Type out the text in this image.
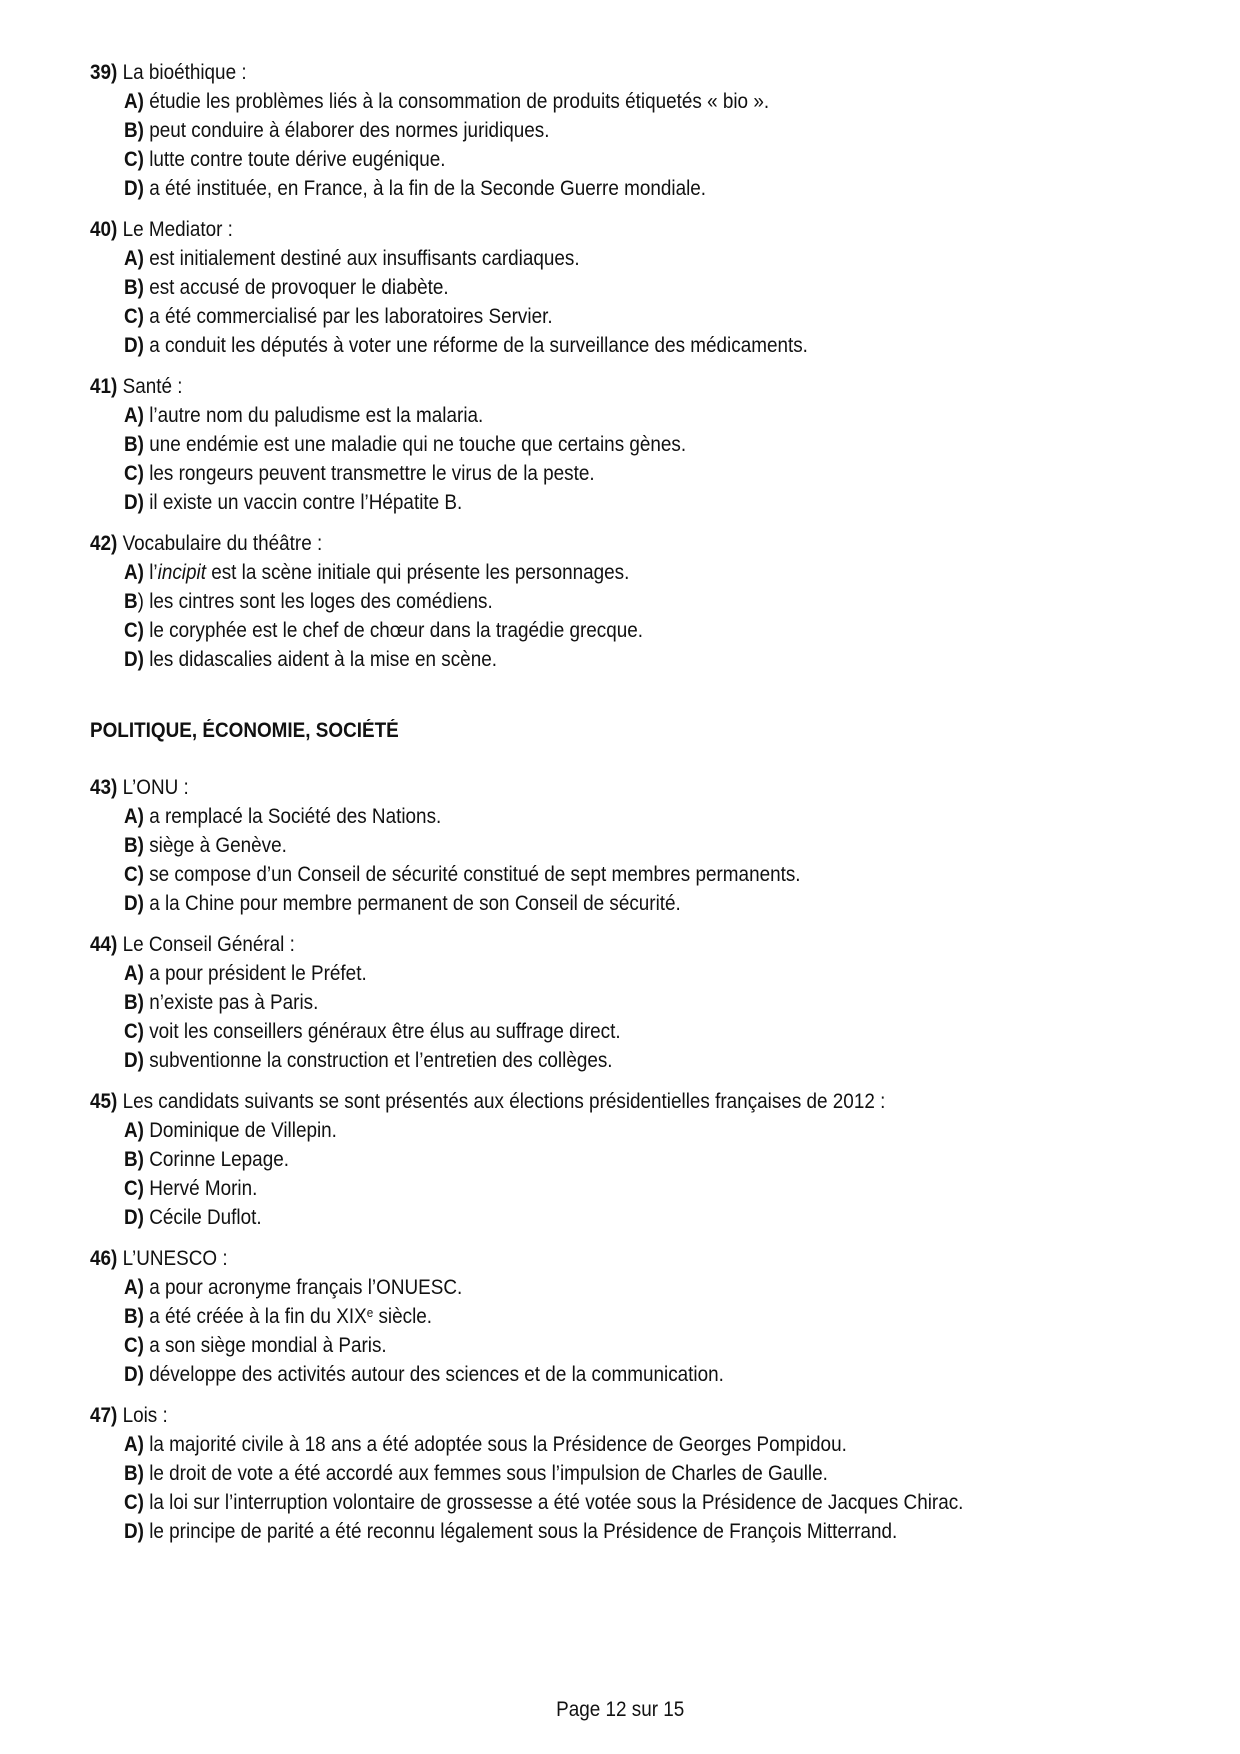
39) La bioéthique :
A) étudie les problèmes liés à la consommation de produits étiquetés « bio ».
B) peut conduire à élaborer des normes juridiques.
C) lutte contre toute dérive eugénique.
D) a été instituée, en France, à la fin de la Seconde Guerre mondiale.
40) Le Mediator :
A) est initialement destiné aux insuffisants cardiaques.
B) est accusé de provoquer le diabète.
C) a été commercialisé par les laboratoires Servier.
D) a conduit les députés à voter une réforme de la surveillance des médicaments.
41) Santé :
A) l’autre nom du paludisme est la malaria.
B) une endémie est une maladie qui ne touche que certains gènes.
C) les rongeurs peuvent transmettre le virus de la peste.
D) il existe un vaccin contre l’Hépatite B.
42) Vocabulaire du théâtre :
A) l’incipit est la scène initiale qui présente les personnages.
B) les cintres sont les loges des comédiens.
C) le coryphée est le chef de chœur dans la tragédie grecque.
D) les didascalies aident à la mise en scène.
POLITIQUE, ÉCONOMIE, SOCIÉTÉ
43) L’ONU :
A) a remplacé la Société des Nations.
B) siège à Genève.
C) se compose d’un Conseil de sécurité constitué de sept membres permanents.
D) a la Chine pour membre permanent de son Conseil de sécurité.
44) Le Conseil Général :
A) a pour président le Préfet.
B) n’existe pas à Paris.
C) voit les conseillers généraux être élus au suffrage direct.
D) subventionne la construction et l’entretien des collèges.
45) Les candidats suivants se sont présentés aux élections présidentielles françaises de 2012 :
A) Dominique de Villepin.
B) Corinne Lepage.
C) Hervé Morin.
D) Cécile Duflot.
46) L’UNESCO :
A) a pour acronyme français l’ONUESC.
B) a été créée à la fin du XIXe siècle.
C) a son siège mondial à Paris.
D) développe des activités autour des sciences et de la communication.
47) Lois :
A) la majorité civile à 18 ans a été adoptée sous la Présidence de Georges Pompidou.
B) le droit de vote a été accordé aux femmes sous l’impulsion de Charles de Gaulle.
C) la loi sur l’interruption volontaire de grossesse a été votée sous la Présidence de Jacques Chirac.
D) le principe de parité a été reconnu légalement sous la Présidence de François Mitterrand.
Page 12 sur 15
